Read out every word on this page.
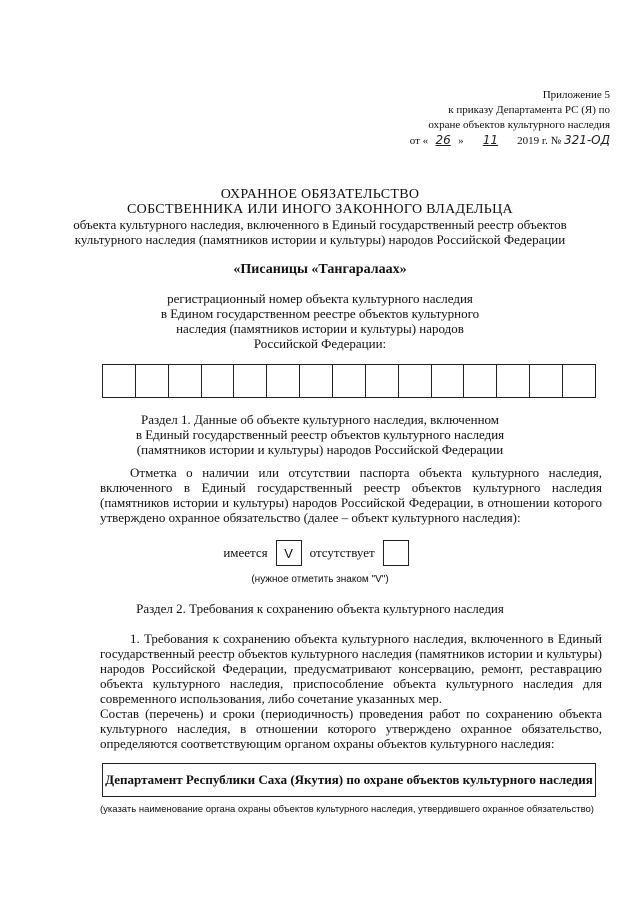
Приложение 5
к приказу Департамента РС (Я) по
охране объектов культурного наследия
от « 26 » 11 2019 г. № 321-ОД
ОХРАННОЕ ОБЯЗАТЕЛЬСТВО
СОБСТВЕННИКА ИЛИ ИНОГО ЗАКОННОГО ВЛАДЕЛЬЦА
объекта культурного наследия, включенного в Единый государственный реестр объектов
культурного наследия (памятников истории и культуры) народов Российской Федерации
«Писаницы «Тангаралаах»
регистрационный номер объекта культурного наследия
в Едином государственном реестре объектов культурного
наследия (памятников истории и культуры) народов
Российской Федерации:
Раздел 1. Данные об объекте культурного наследия, включенном
в Единый государственный реестр объектов культурного наследия
(памятников истории и культуры) народов Российской Федерации

Отметка о наличии или отсутствии паспорта объекта культурного наследия, включенного в Единый государственный реестр объектов культурного наследия (памятников истории и культуры) народов Российской Федерации, в отношении которого утверждено охранное обязательство (далее – объект культурного наследия):

имеется	V	отсутствует
(нужное отметить знаком "V")
Раздел 2. Требования к сохранению объекта культурного наследия

1. Требования к сохранению объекта культурного наследия, включенного в Единый государственный реестр объектов культурного наследия (памятников истории и культуры) народов Российской Федерации, предусматривают консервацию, ремонт, реставрацию объекта культурного наследия, приспособление объекта культурного наследия для современного использования, либо сочетание указанных мер.

Состав (перечень) и сроки (периодичность) проведения работ по сохранению объекта культурного наследия, в отношении которого утверждено охранное обязательство, определяются соответствующим органом охраны объектов культурного наследия:

Департамент Республики Саха (Якутия) по охране объектов культурного наследия
(указать наименование органа охраны объектов культурного наследия, утвердившего охранное обязательство)
